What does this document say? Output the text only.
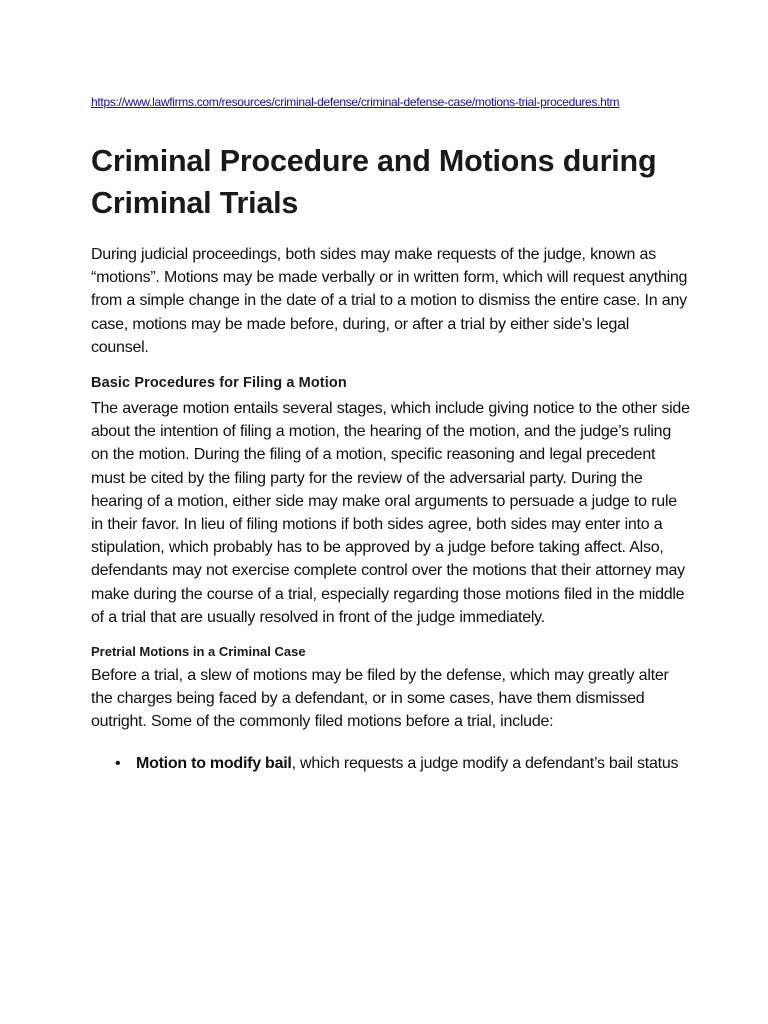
https://www.lawfirms.com/resources/criminal-defense/criminal-defense-case/motions-trial-procedures.htm
Criminal Procedure and Motions during Criminal Trials

During judicial proceedings, both sides may make requests of the judge, known as “motions”. Motions may be made verbally or in written form, which will request anything from a simple change in the date of a trial to a motion to dismiss the entire case. In any case, motions may be made before, during, or after a trial by either side’s legal counsel.

Basic Procedures for Filing a Motion

The average motion entails several stages, which include giving notice to the other side about the intention of filing a motion, the hearing of the motion, and the judge’s ruling on the motion. During the filing of a motion, specific reasoning and legal precedent must be cited by the filing party for the review of the adversarial party. During the hearing of a motion, either side may make oral arguments to persuade a judge to rule in their favor. In lieu of filing motions if both sides agree, both sides may enter into a stipulation, which probably has to be approved by a judge before taking affect. Also, defendants may not exercise complete control over the motions that their attorney may make during the course of a trial, especially regarding those motions filed in the middle of a trial that are usually resolved in front of the judge immediately.

Pretrial Motions in a Criminal Case

Before a trial, a slew of motions may be filed by the defense, which may greatly alter the charges being faced by a defendant, or in some cases, have them dismissed outright. Some of the commonly filed motions before a trial, include:

• Motion to modify bail, which requests a judge modify a defendant’s bail status
